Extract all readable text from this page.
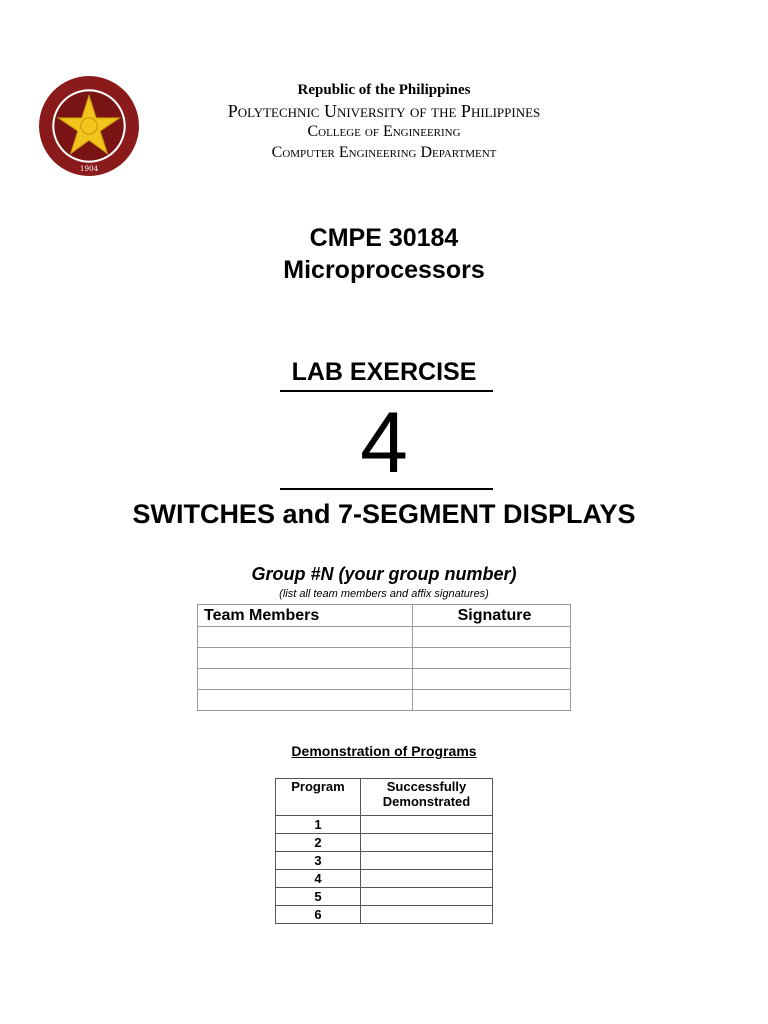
1904
Republic of the Philippines
Polytechnic University of the Philippines
College of Engineering
Computer Engineering Department
CMPE 30184
Microprocessors
LAB EXERCISE
4
SWITCHES and 7-SEGMENT DISPLAYS
Group #N (your group number)
(list all team members and affix signatures)
Team Members	Signature

Demonstration of Programs
Program	Successfully Demonstrated
1	
2	
3	
4	
5	
6	
